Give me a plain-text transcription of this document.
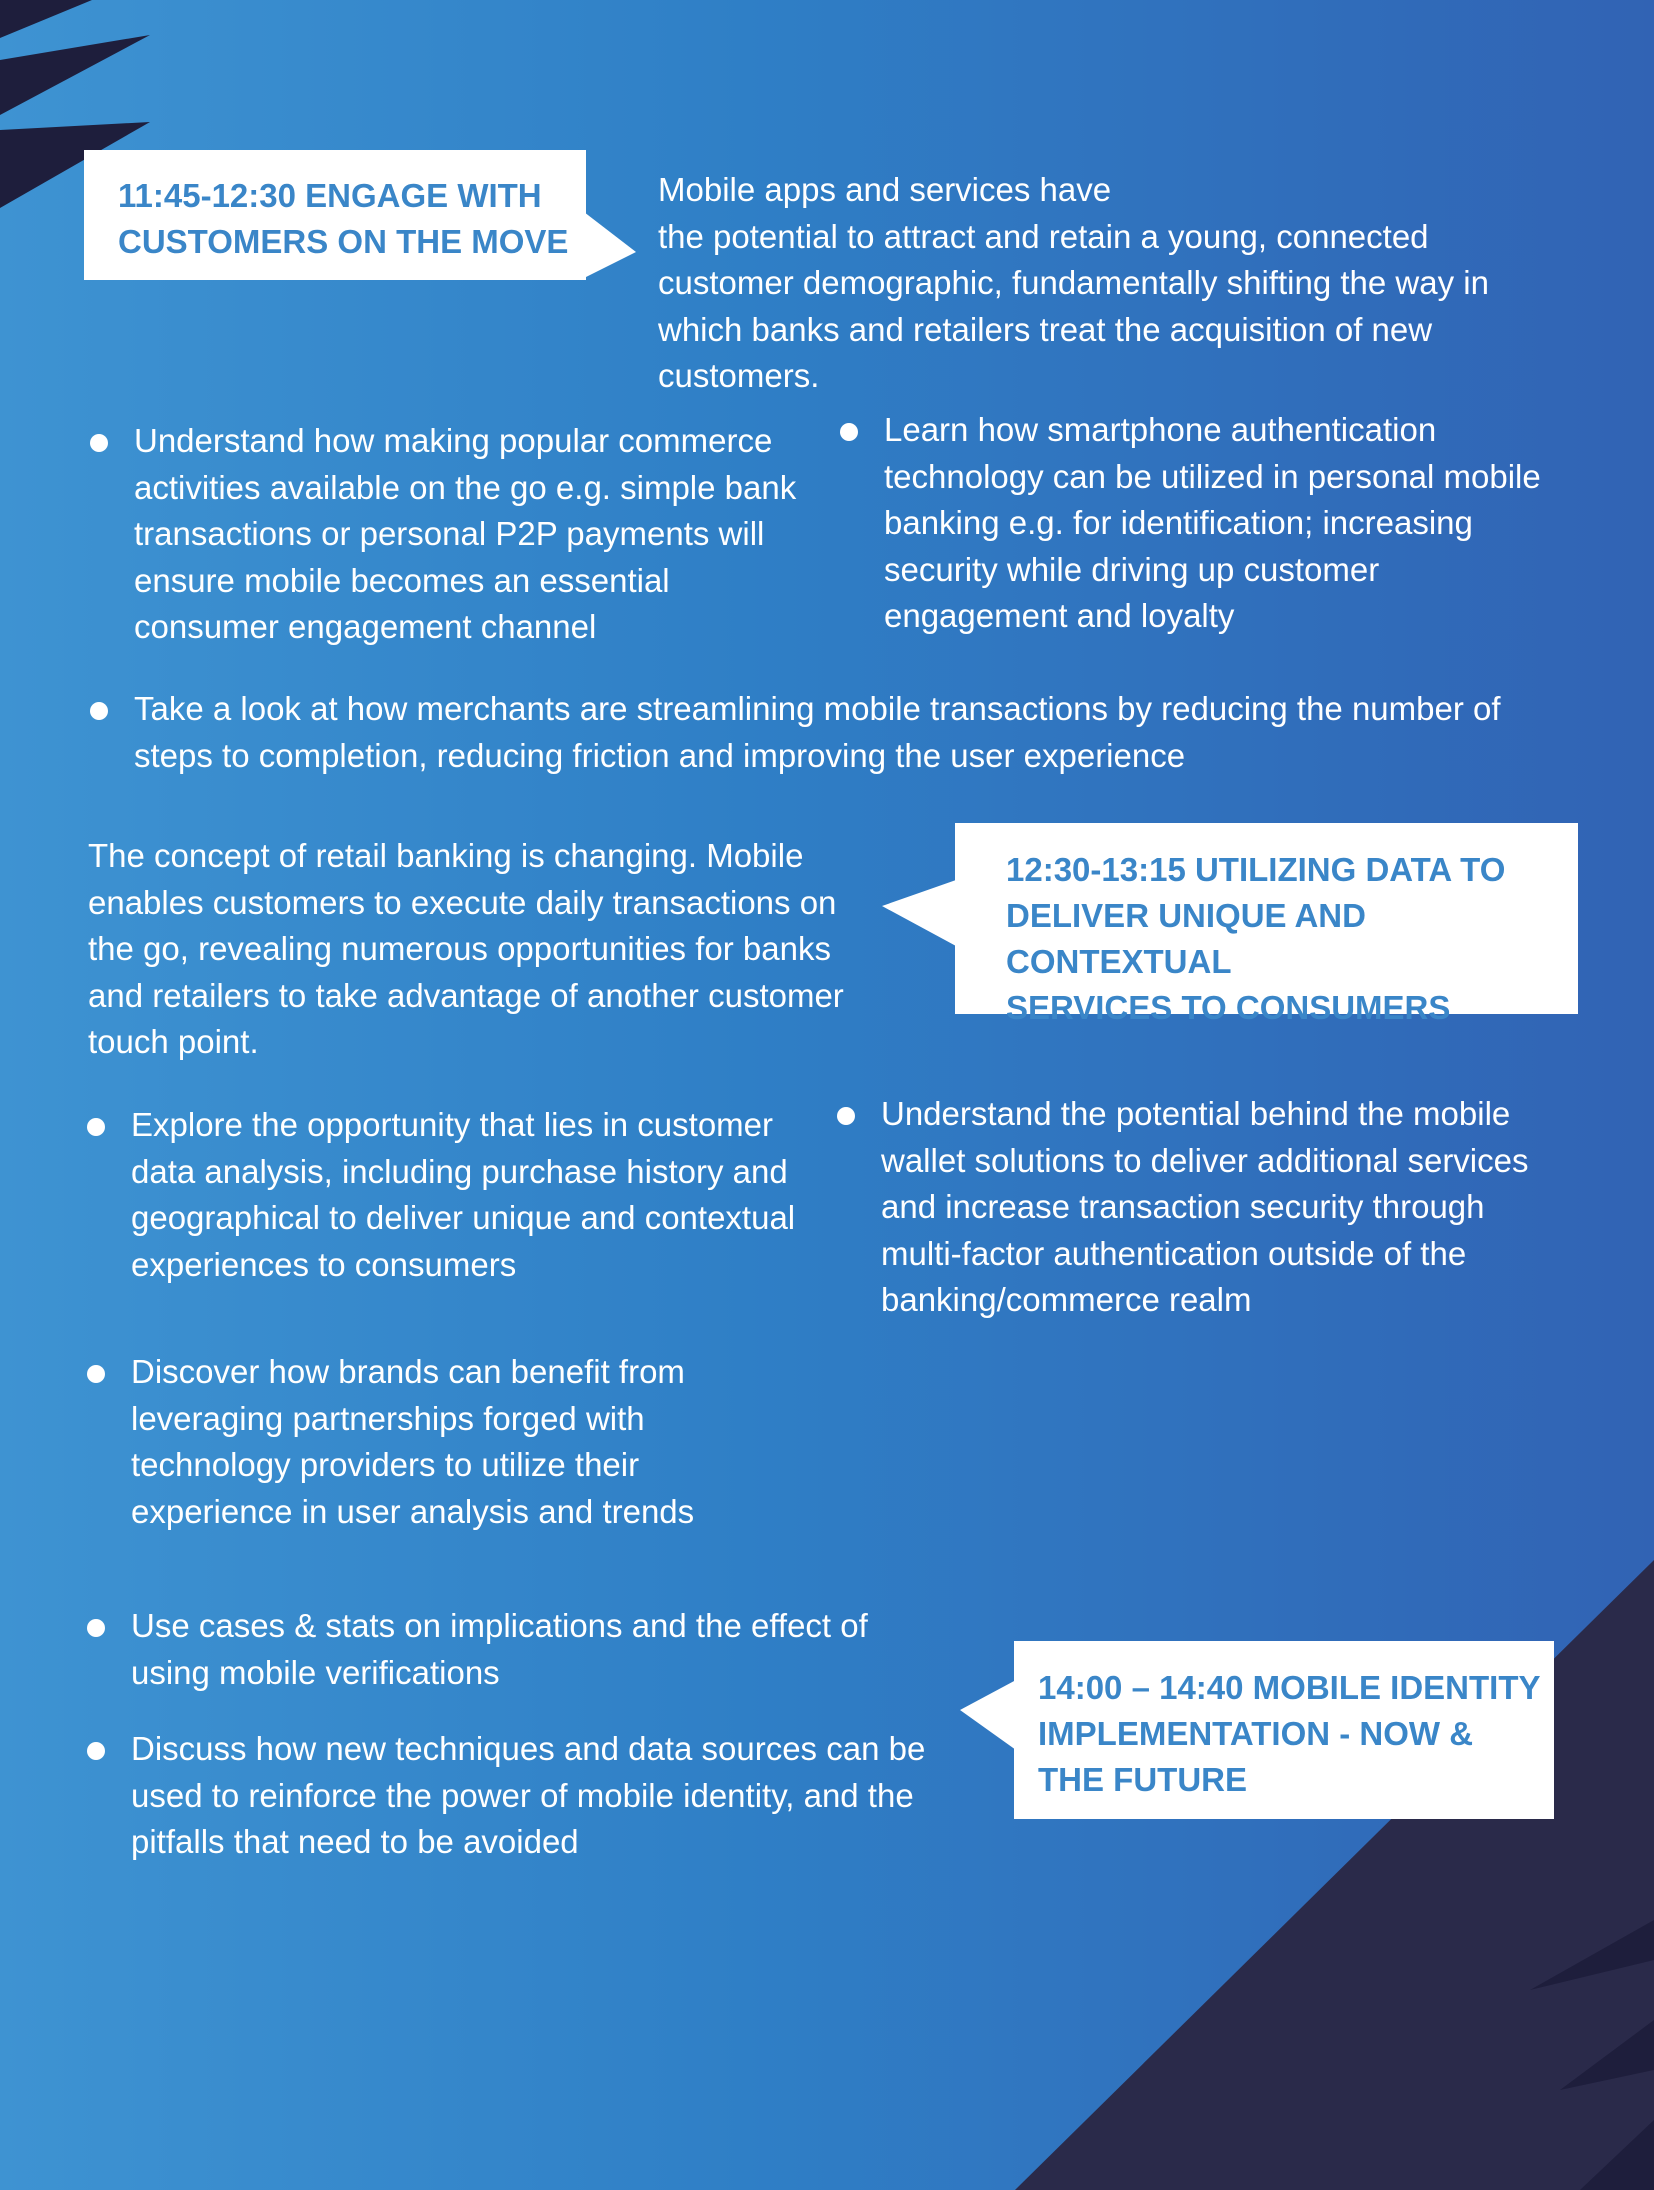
11:45-12:30 ENGAGE WITH
CUSTOMERS ON THE MOVE
Mobile apps and services have
the potential to attract and retain a young, connected
customer demographic, fundamentally shifting the way in
which banks and retailers treat the acquisition of new
customers.
Understand how making popular commerce
activities available on the go e.g. simple bank
transactions or personal P2P payments will
ensure mobile becomes an essential
consumer engagement channel
Learn how smartphone authentication
technology can be utilized in personal mobile
banking e.g. for identification; increasing
security while driving up customer
engagement and loyalty
Take a look at how merchants are streamlining mobile transactions by reducing the number of
steps to completion, reducing friction and improving the user experience
The concept of retail banking is changing. Mobile
enables customers to execute daily transactions on
the go, revealing numerous opportunities for banks
and retailers to take advantage of another customer
touch point.
12:30-13:15 UTILIZING DATA TO
DELIVER UNIQUE AND CONTEXTUAL
SERVICES TO CONSUMERS
Explore the opportunity that lies in customer
data analysis, including purchase history and
geographical to deliver unique and contextual
experiences to consumers
Understand the potential behind the mobile
wallet solutions to deliver additional services
and increase transaction security through
multi-factor authentication outside of the
banking/commerce realm
Discover how brands can benefit from
leveraging partnerships forged with
technology providers to utilize their
experience in user analysis and trends
Use cases & stats on implications and the effect of
using mobile verifications
Discuss how new techniques and data sources can be
used to reinforce the power of mobile identity, and the
pitfalls that need to be avoided
14:00 – 14:40 MOBILE IDENTITY
IMPLEMENTATION - NOW &
THE FUTURE
